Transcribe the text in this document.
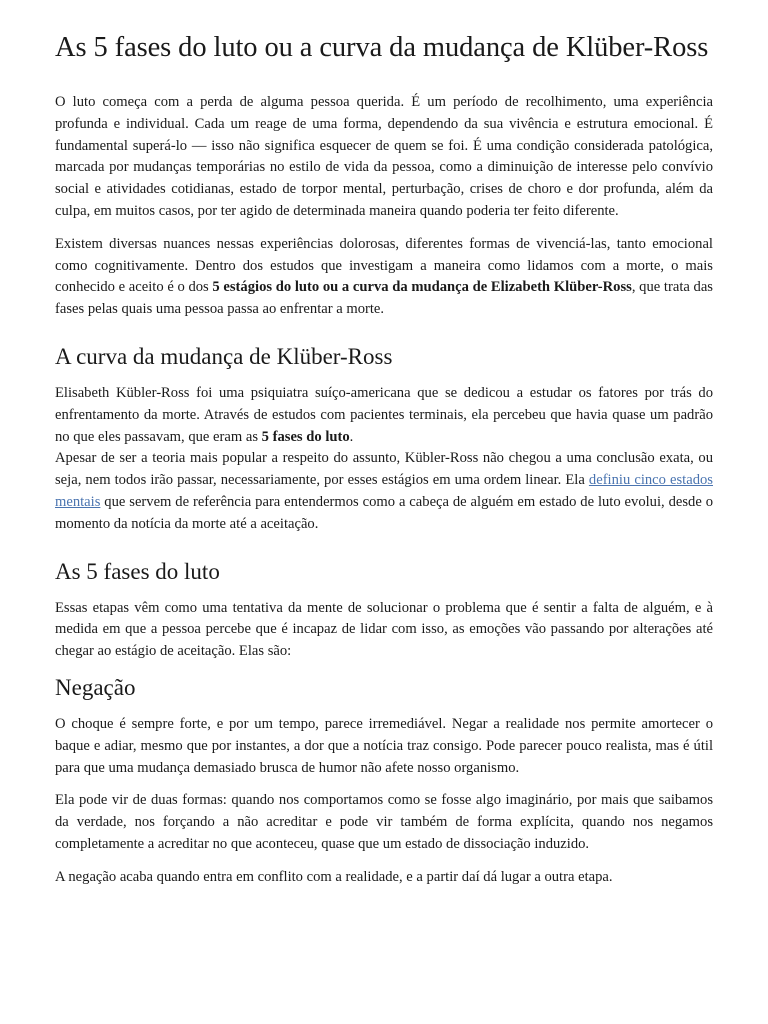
As 5 fases do luto ou a curva da mudança de Klüber-Ross

O luto começa com a perda de alguma pessoa querida. É um período de recolhimento, uma experiência profunda e individual. Cada um reage de uma forma, dependendo da sua vivência e estrutura emocional. É fundamental superá-lo — isso não significa esquecer de quem se foi. É uma condição considerada patológica, marcada por mudanças temporárias no estilo de vida da pessoa, como a diminuição de interesse pelo convívio social e atividades cotidianas, estado de torpor mental, perturbação, crises de choro e dor profunda, além da culpa, em muitos casos, por ter agido de determinada maneira quando poderia ter feito diferente.

Existem diversas nuances nessas experiências dolorosas, diferentes formas de vivenciá-las, tanto emocional como cognitivamente. Dentro dos estudos que investigam a maneira como lidamos com a morte, o mais conhecido e aceito é o dos 5 estágios do luto ou a curva da mudança de Elizabeth Klüber-Ross, que trata das fases pelas quais uma pessoa passa ao enfrentar a morte.

A curva da mudança de Klüber-Ross

Elisabeth Kübler-Ross foi uma psiquiatra suíço-americana que se dedicou a estudar os fatores por trás do enfrentamento da morte. Através de estudos com pacientes terminais, ela percebeu que havia quase um padrão no que eles passavam, que eram as 5 fases do luto.

Apesar de ser a teoria mais popular a respeito do assunto, Kübler-Ross não chegou a uma conclusão exata, ou seja, nem todos irão passar, necessariamente, por esses estágios em uma ordem linear. Ela definiu cinco estados mentais que servem de referência para entendermos como a cabeça de alguém em estado de luto evolui, desde o momento da notícia da morte até a aceitação.

As 5 fases do luto

Essas etapas vêm como uma tentativa da mente de solucionar o problema que é sentir a falta de alguém, e à medida em que a pessoa percebe que é incapaz de lidar com isso, as emoções vão passando por alterações até chegar ao estágio de aceitação. Elas são:

Negação

O choque é sempre forte, e por um tempo, parece irremediável. Negar a realidade nos permite amortecer o baque e adiar, mesmo que por instantes, a dor que a notícia traz consigo. Pode parecer pouco realista, mas é útil para que uma mudança demasiado brusca de humor não afete nosso organismo.

Ela pode vir de duas formas: quando nos comportamos como se fosse algo imaginário, por mais que saibamos da verdade, nos forçando a não acreditar e pode vir também de forma explícita, quando nos negamos completamente a acreditar no que aconteceu, quase que um estado de dissociação induzido.

A negação acaba quando entra em conflito com a realidade, e a partir daí dá lugar a outra etapa.
